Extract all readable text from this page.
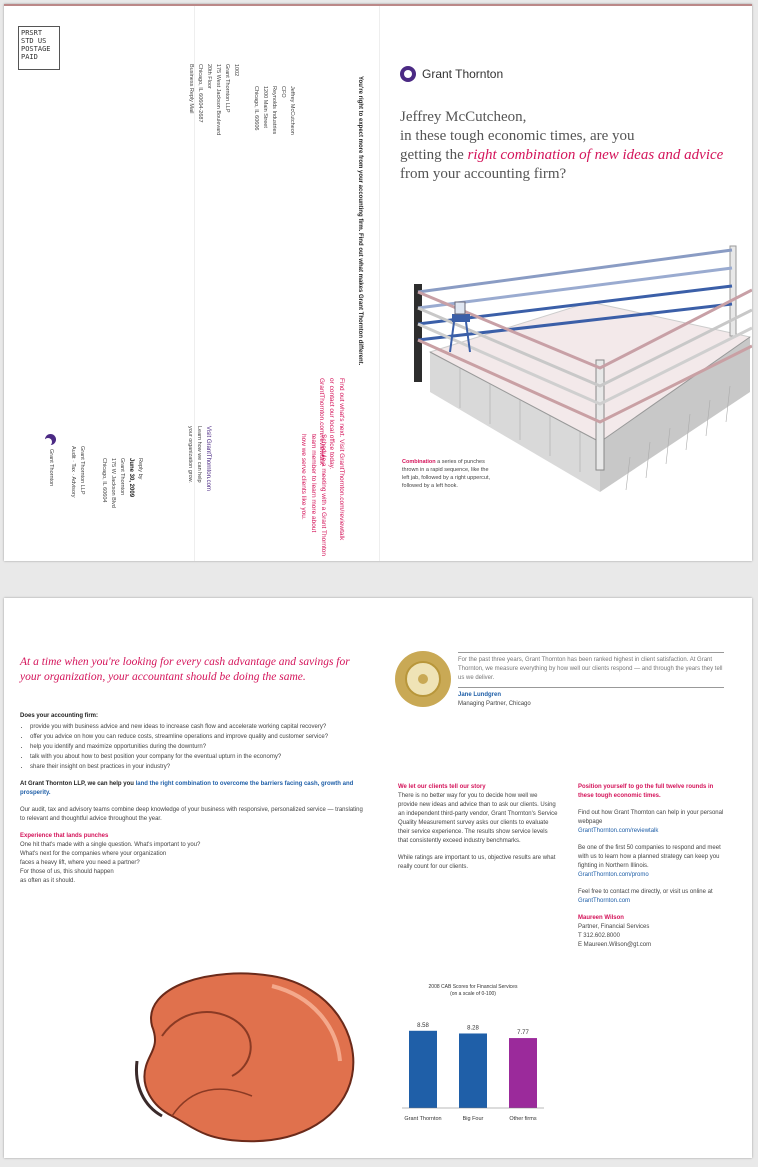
PRSRT STD US POSTAGE PAID
1002
Grant Thornton LLP
175 West Jackson Boulevard
20th Floor
Chicago, IL 60604-2687
Business Reply Mail	Jeffrey McCutcheon
CFO
Reynolds Industries
1200 Main Street
Chicago, IL 60606	You're right to expect more from your accounting firm. Find out what makes Grant Thornton different.
Find out what's next. Visit GrantThornton.com/reviewtalk
or contact our local office today.
GrantThornton.com/reviewtalk
Grant Thornton	Grant Thornton LLP
Audit · Tax · Advisory	Reply by
June 30, 2009
Grant Thornton
175 W Jackson Blvd
Chicago, IL 60604	Visit GrantThornton.com
Learn how we can help
your organization grow.	Schedule a meeting with a Grant Thornton
team member to learn more about
how we serve clients like you.
Grant Thornton
Jeffrey McCutcheon,
in these tough economic times, are you
getting the right combination of new ideas and advice from your accounting firm?
Combination a series of punches thrown in a rapid sequence, like the left jab, followed by a right uppercut, followed by a left hook.
At a time when you're looking for every cash advantage and savings for your organization, your accountant should be doing the same.
Does your accounting firm:
• provide you with business advice and new ideas to increase cash flow and accelerate working capital recovery?
• offer you advice on how you can reduce costs, streamline operations and improve quality and customer service?
• help you identify and maximize opportunities during the downturn?
• talk with you about how to best position your company for the eventual upturn in the economy?
• share their insight on best practices in your industry?
At Grant Thornton LLP, we can help you land the right combination to overcome the barriers facing cash, growth and prosperity.
Our audit, tax and advisory teams combine deep knowledge of your business with responsive, personalized service — translating to relevant and thoughtful advice throughout the year.
Experience that lands punches
One hit that's made with a single question. What's important to you?
What's next for the companies where your organization
faces a heavy lift, where you need a partner?
For those of us, this should happen
as often as it should.
For the past three years, Grant Thornton has been ranked highest in client satisfaction. At Grant Thornton, we measure everything by how well our clients respond — and through the years they tell us we deliver.
Jane Lundgren
Managing Partner, Chicago
We let our clients tell our story
There is no better way for you to decide how well we provide new ideas and advice than to ask our clients. Using an independent third-party vendor, Grant Thornton's Service Quality Measurement survey asks our clients to evaluate their service experience. The results show service levels that consistently exceed industry benchmarks.
While ratings are important to us, objective results are what really count for our clients.
Position yourself to go the full twelve rounds in these tough economic times.
Find out how Grant Thornton can help in your personal webpage
GrantThornton.com/reviewtalk
Be one of the first 50 companies to respond and meet with us to learn how a planned strategy can keep you fighting in Northern Illinois.
GrantThornton.com/promo
Feel free to contact me directly, or visit us online at
GrantThornton.com
Maureen Wilson
Partner, Financial Services
T 312.602.8000
E Maureen.Wilson@gt.com
2008 CAB Scores for Financial Services
(on a scale of 0-100)
8.58
Grant Thornton
8.28
Big Four
7.77
Other firms
